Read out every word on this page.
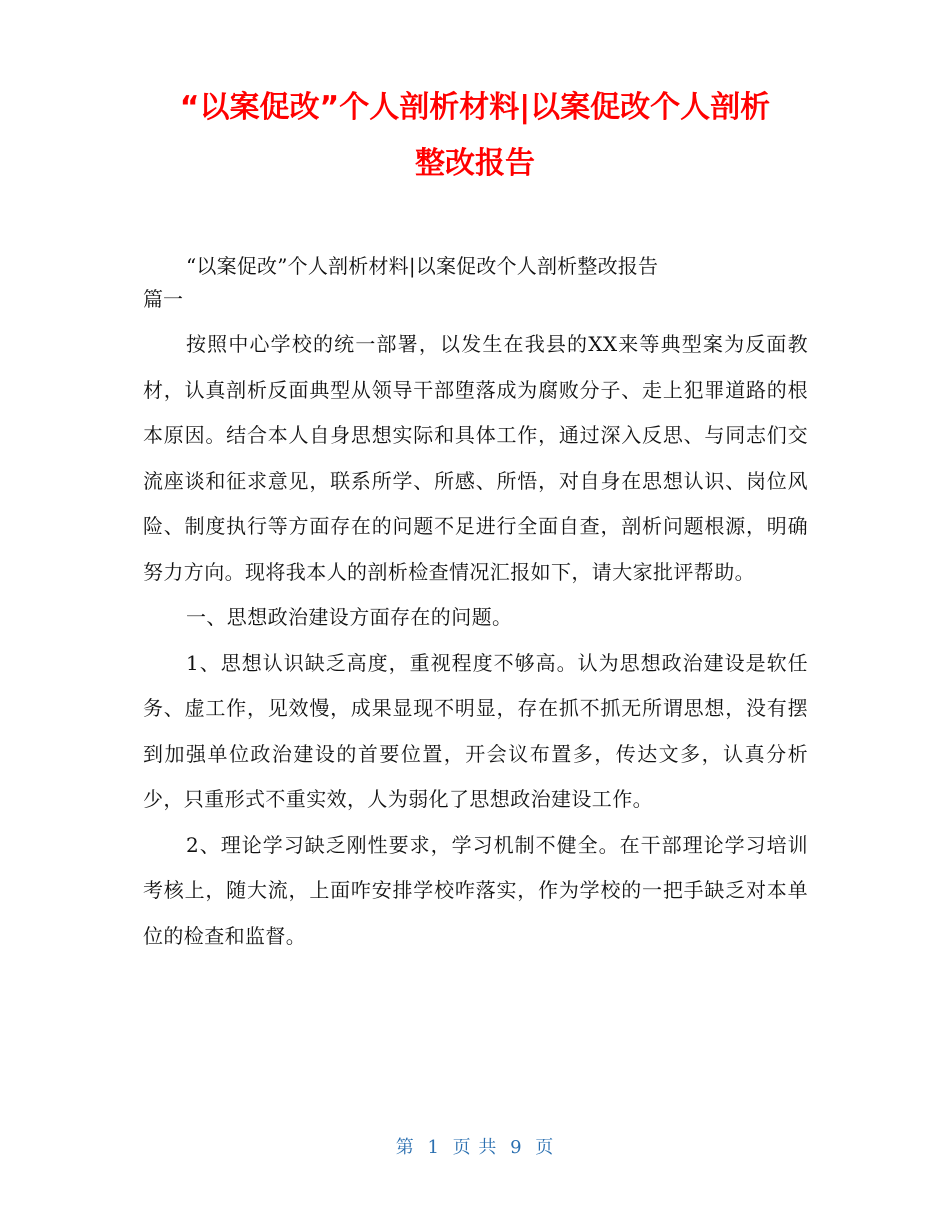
“以案促改”个人剖析材料|以案促改个人剖析
整改报告

“以案促改”个人剖析材料|以案促改个人剖析整改报告

篇一

按照中心学校的统一部署，以发生在我县的XX来等典型案为反面教材，认真剖析反面典型从领导干部堕落成为腐败分子、走上犯罪道路的根本原因。结合本人自身思想实际和具体工作，通过深入反思、与同志们交流座谈和征求意见，联系所学、所感、所悟，对自身在思想认识、岗位风险、制度执行等方面存在的问题不足进行全面自查，剖析问题根源，明确努力方向。现将我本人的剖析检查情况汇报如下，请大家批评帮助。

一、思想政治建设方面存在的问题。

1、思想认识缺乏高度，重视程度不够高。认为思想政治建设是软任务、虚工作，见效慢，成果显现不明显，存在抓不抓无所谓思想，没有摆到加强单位政治建设的首要位置，开会议布置多，传达文多，认真分析少，只重形式不重实效，人为弱化了思想政治建设工作。

2、理论学习缺乏刚性要求，学习机制不健全。在干部理论学习培训考核上，随大流，上面咋安排学校咋落实，作为学校的一把手缺乏对本单位的检查和监督。

第 1 页 共 9 页
